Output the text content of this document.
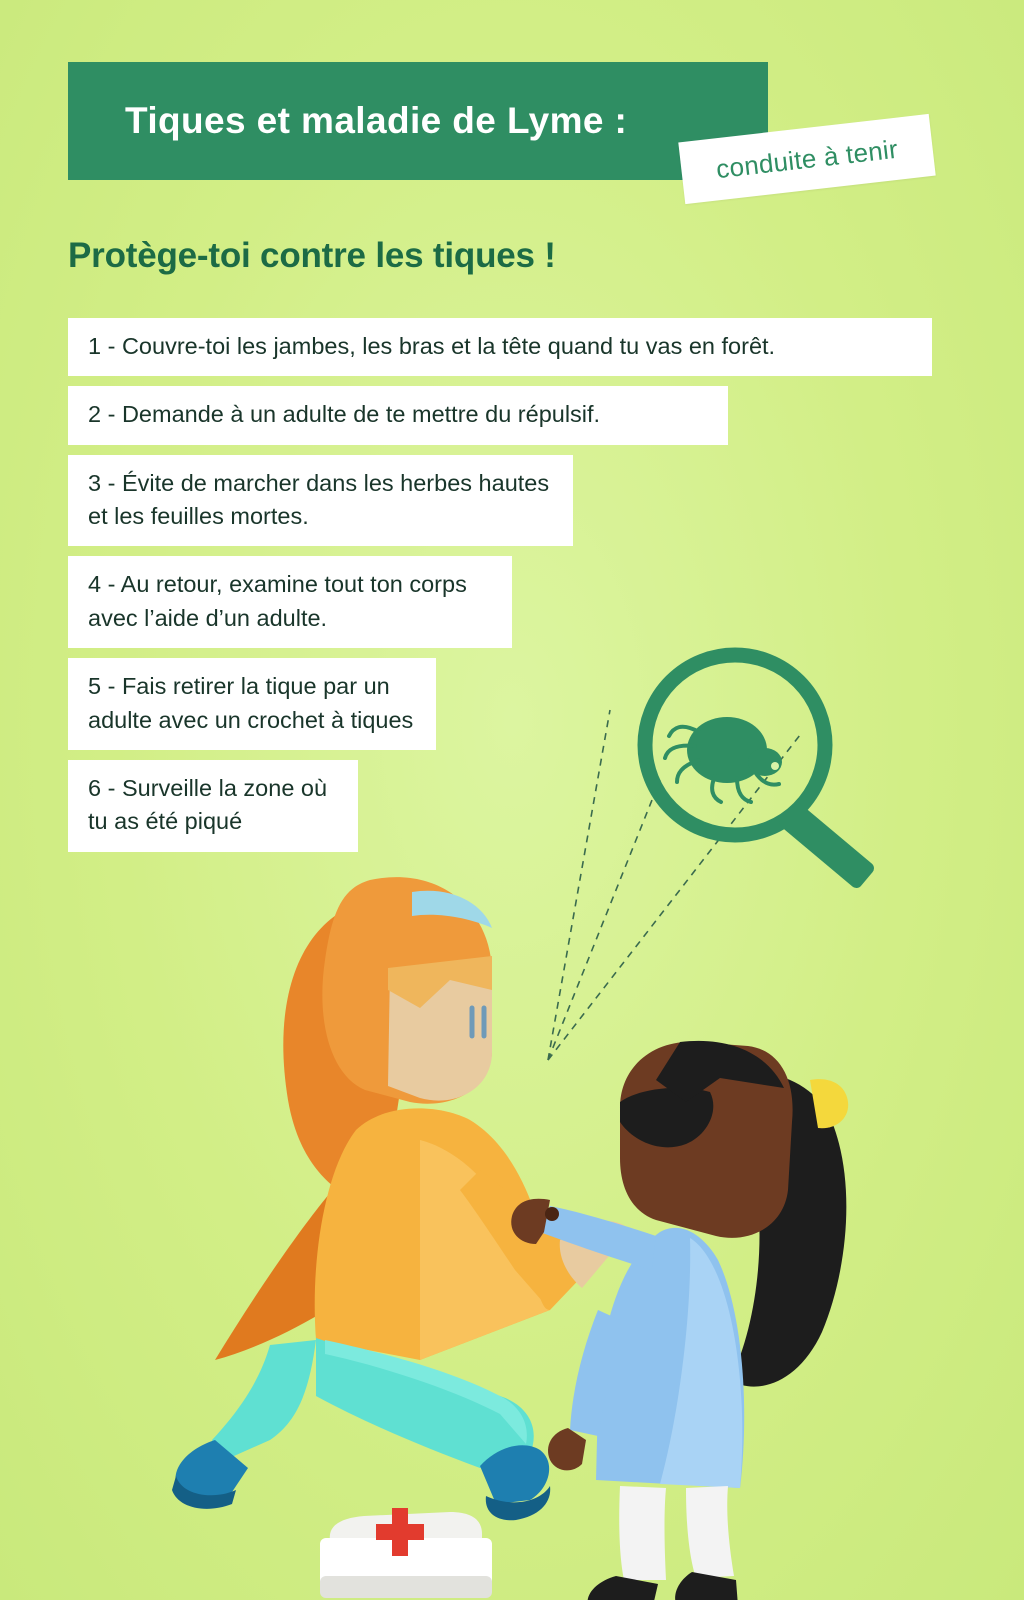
Tiques et maladie de Lyme :
conduite à tenir
Protège-toi contre les tiques !
1 - Couvre-toi les jambes, les bras et la tête quand tu vas en forêt.
2 - Demande à un adulte de te mettre du répulsif.
3 - Évite de marcher dans les herbes hautes et les feuilles mortes.
4 - Au retour, examine tout ton corps avec l’aide d’un adulte.
5 - Fais retirer la tique par un adulte avec un crochet à tiques
6 - Surveille la zone où tu as été piqué
